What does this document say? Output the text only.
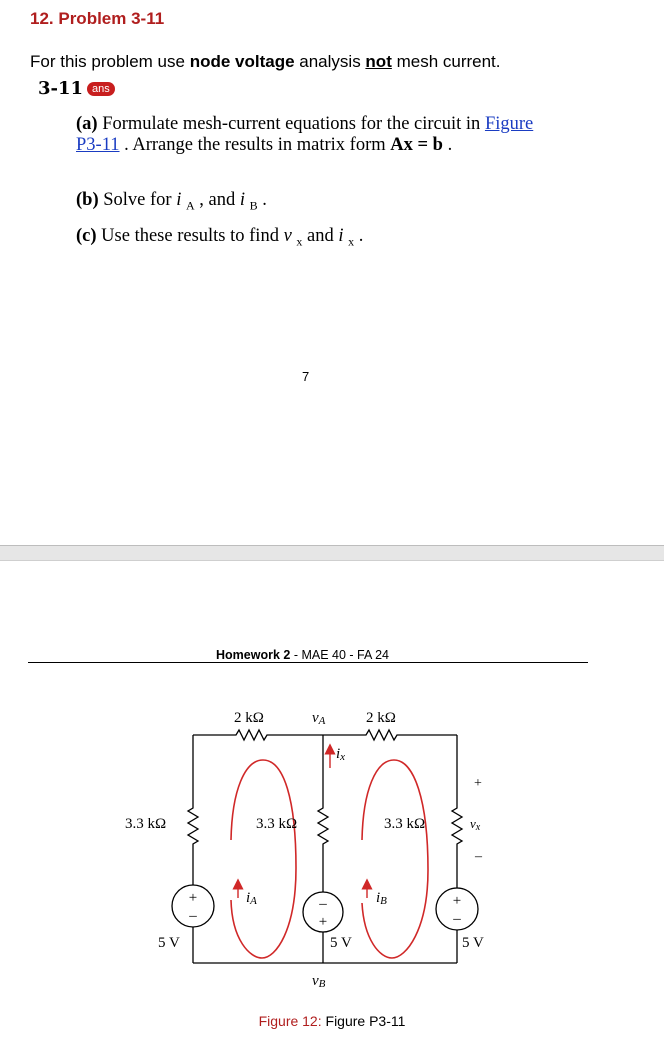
12. Problem 3-11
For this problem use node voltage analysis not mesh current.
3-11 ans
(a) Formulate mesh-current equations for the circuit in Figure P3-11 . Arrange the results in matrix form Ax = b .
(b) Solve for i $_A$ , and i $_B$ .
(c) Use these results to find v $_x$ and i $_x$ .
7
Homework 2 - MAE 40 - FA 24
2 kΩ	2 kΩ
vA
3.3 kΩ	3.3 kΩ	3.3 kΩ
ix
iA	iB
5 V	5 V	5 V
vB
vx
+
–
+
–
–
+
+
–
Figure 12: Figure P3-11
